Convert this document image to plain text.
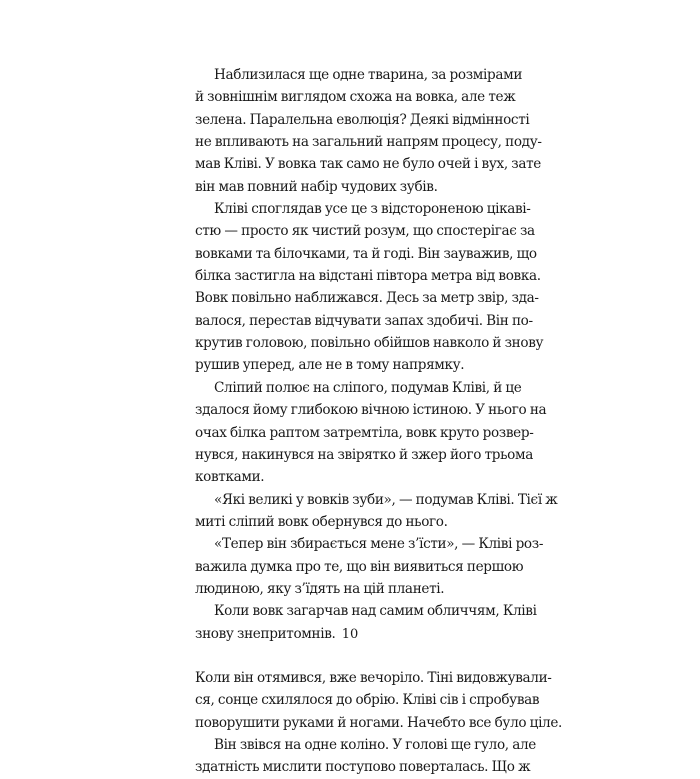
Наблизилася ще одне тварина, за розмірами
й зовнішнім виглядом схожа на вовка, але теж
зелена. Паралельна еволюція? Деякі відмінності
не впливають на загальний напрям процесу, поду-
мав Кліві. У вовка так само не було очей і вух, зате
він мав повний набір чудових зубів.
Кліві споглядав усе це з відстороненою цікаві-
стю — просто як чистий розум, що спостерігає за
вовками та білочками, та й годі. Він зауважив, що
білка застигла на відстані півтора метра від вовка.
Вовк повільно наближався. Десь за метр звір, зда-
валося, перестав відчувати запах здобичі. Він по-
крутив головою, повільно обійшов навколо й знову
рушив уперед, але не в тому напрямку.
Сліпий полює на сліпого, подумав Кліві, й це
здалося йому глибокою вічною істиною. У нього на
очах білка раптом затремтіла, вовк круто розвер-
нувся, накинувся на звірятко й зжер його трьома
ковтками.
«Які великі у вовків зуби», — подумав Кліві. Тієї ж
миті сліпий вовк обернувся до нього.
«Тепер він збирається мене з’їсти», — Кліві роз-
важила думка про те, що він виявиться першою
людиною, яку з’їдять на цій планеті.
Коли вовк загарчав над самим обличчям, Кліві
знову знепритомнів.
Коли він отямився, вже вечоріло. Тіні видовжували-
ся, сонце схилялося до обрію. Кліві сів і спробував
поворушити руками й ногами. Начебто все було ціле.
Він звівся на одне коліно. У голові ще гуло, але
здатність мислити поступово поверталась. Що ж
10
